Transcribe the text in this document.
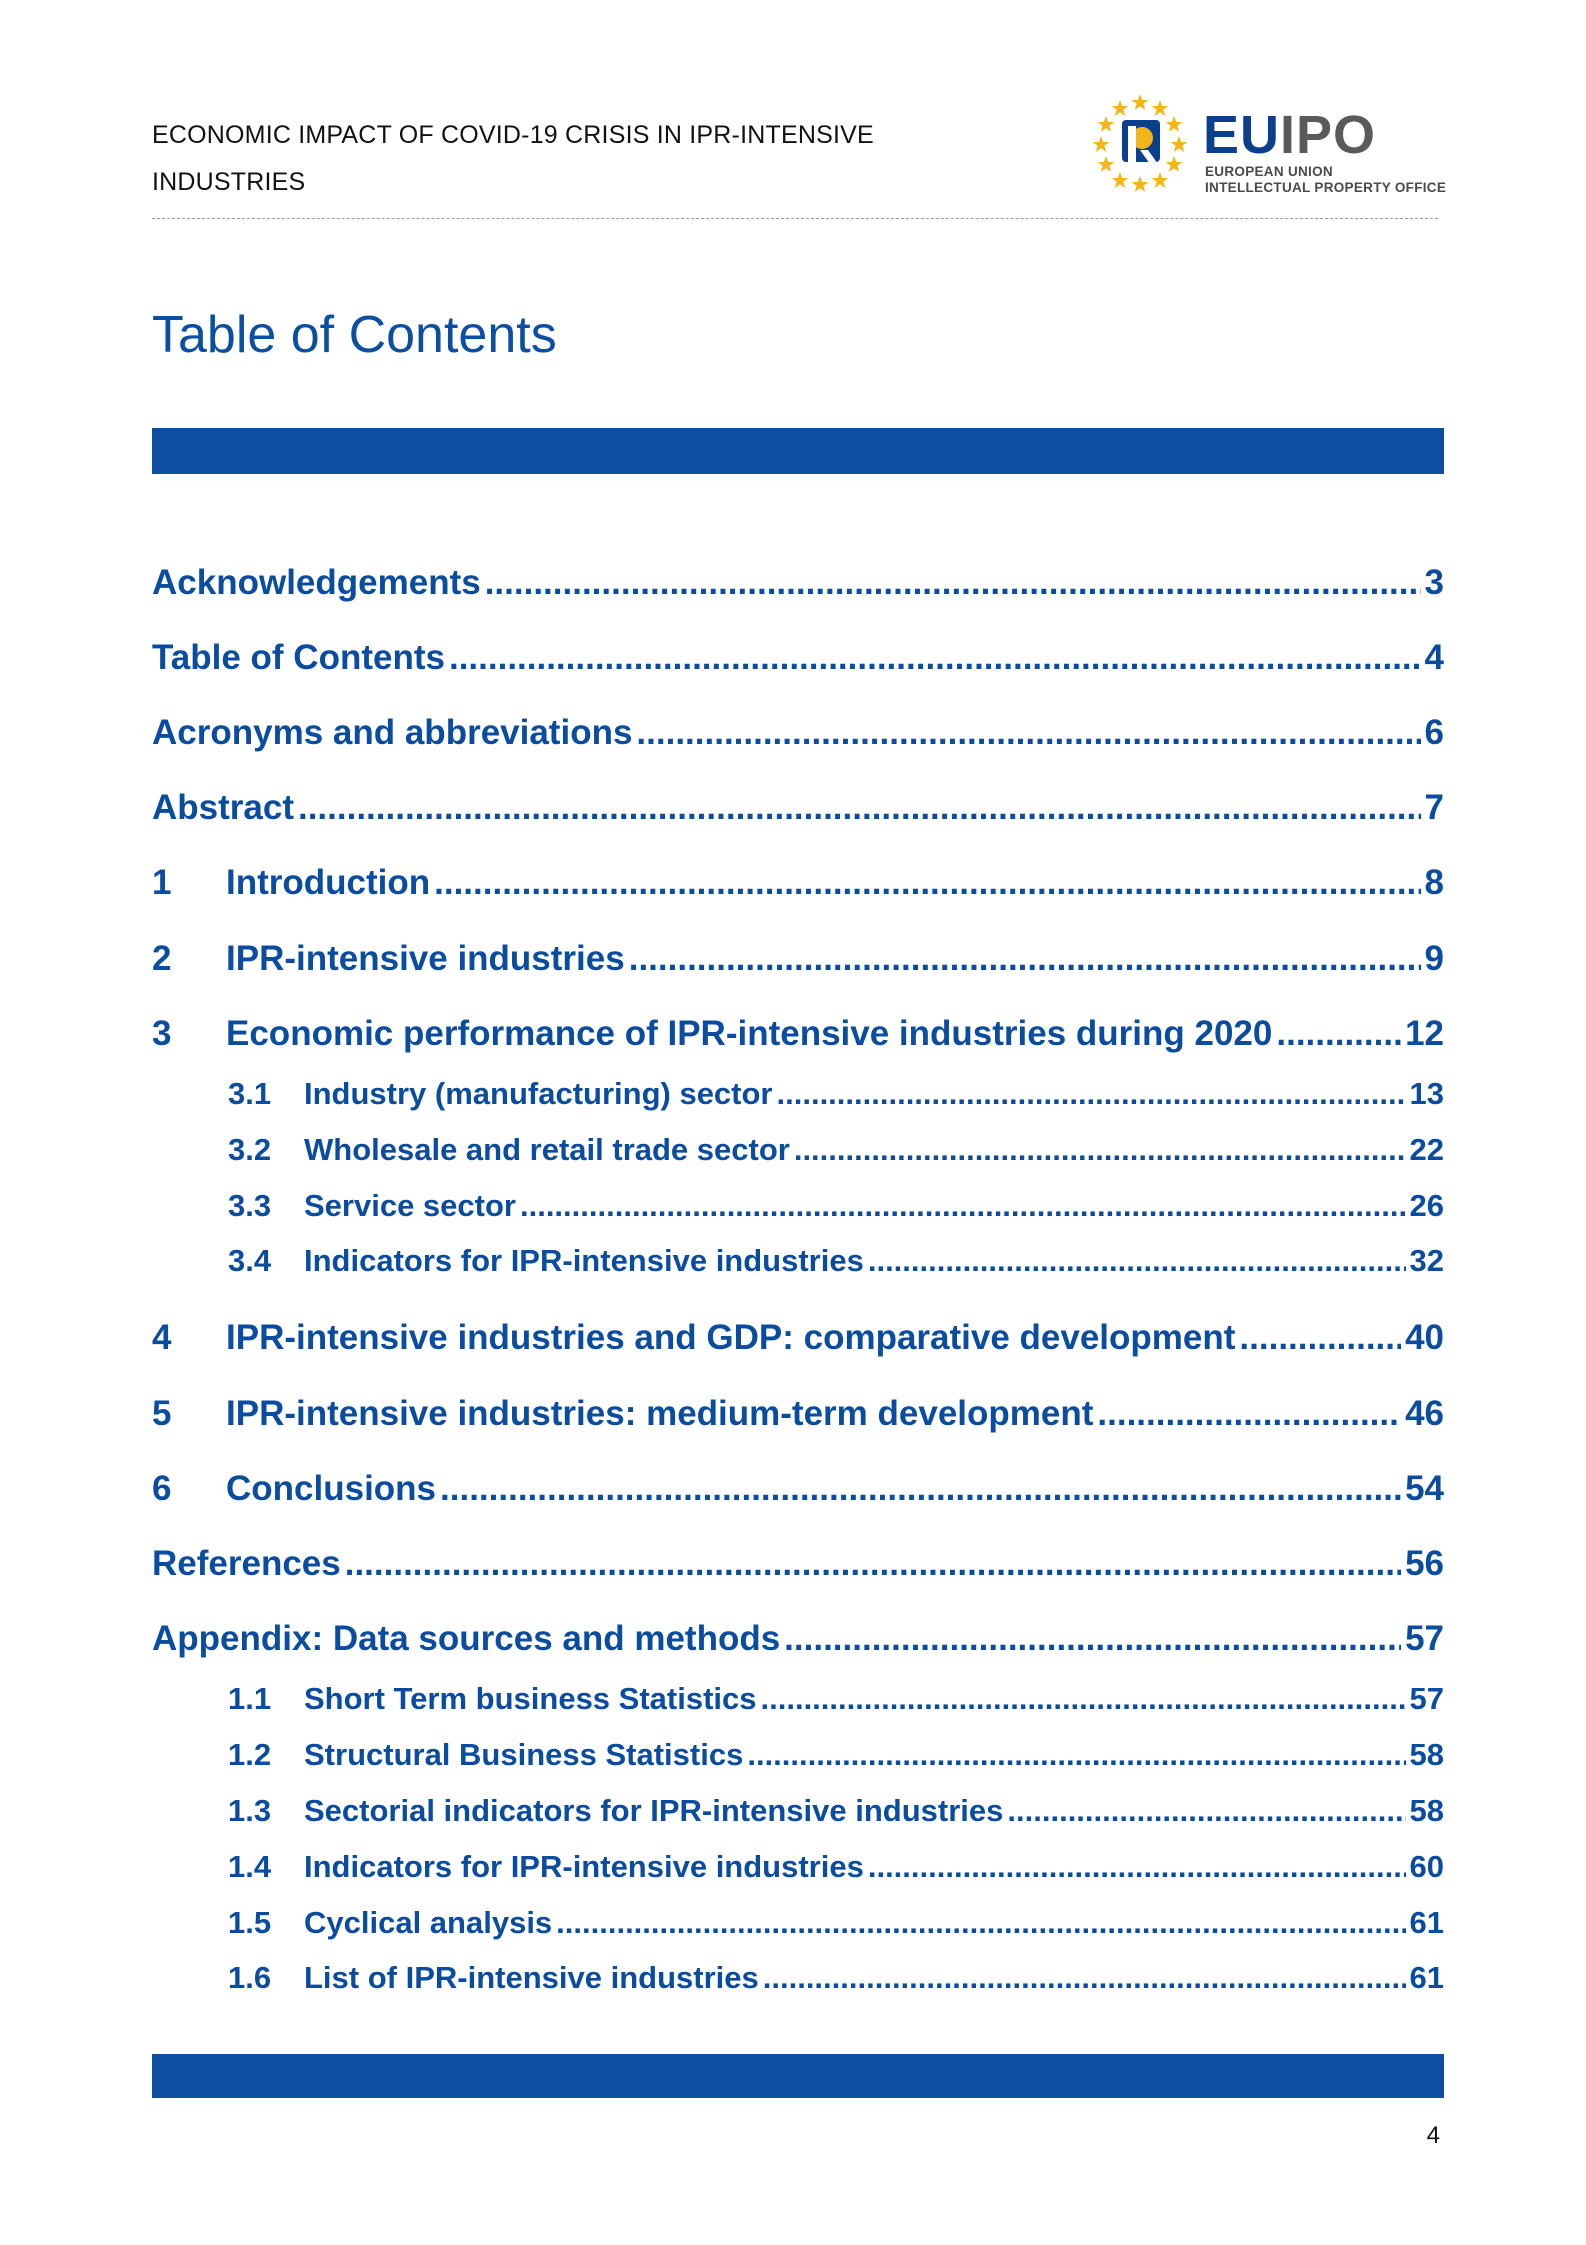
ECONOMIC IMPACT OF COVID-19 CRISIS IN IPR-INTENSIVE
INDUSTRIES
EUIPO
EUROPEAN UNION
INTELLECTUAL PROPERTY OFFICE
Table of Contents
Acknowledgements .....	3
Table of Contents .....	4
Acronyms and abbreviations .....	6
Abstract .....	7
1	Introduction .....	8
2	IPR-intensive industries .....	9
3	Economic performance of IPR-intensive industries during 2020 .....	12
3.1	Industry (manufacturing) sector .....	13
3.2	Wholesale and retail trade sector .....	22
3.3	Service sector .....	26
3.4	Indicators for IPR-intensive industries .....	32
4	IPR-intensive industries and GDP: comparative development .....	40
5	IPR-intensive industries: medium-term development .....	46
6	Conclusions .....	54
References .....	56
Appendix: Data sources and methods .....	57
1.1	Short Term business Statistics .....	57
1.2	Structural Business Statistics .....	58
1.3	Sectorial indicators for IPR-intensive industries .....	58
1.4	Indicators for IPR-intensive industries .....	60
1.5	Cyclical analysis .....	61
1.6	List of IPR-intensive industries .....	61
4
